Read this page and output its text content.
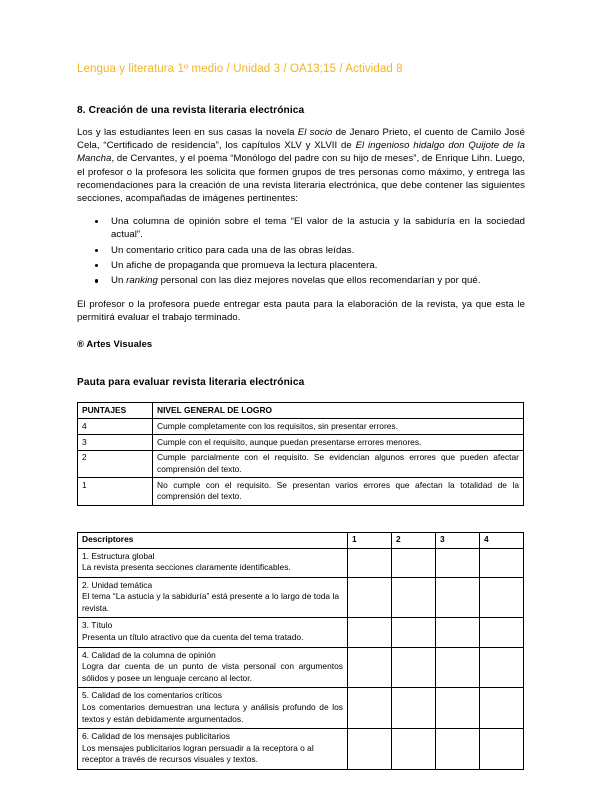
Lengua y literatura 1º medio / Unidad 3 / OA13;15 / Actividad 8
8. Creación de una revista literaria electrónica

Los y las estudiantes leen en sus casas la novela El socio de Jenaro Prieto, el cuento de Camilo José Cela, “Certificado de residencia”, los capítulos XLV y XLVII de El ingenioso hidalgo don Quijote de la Mancha, de Cervantes, y el poema “Monólogo del padre con su hijo de meses”, de Enrique Lihn. Luego, el profesor o la profesora les solicita que formen grupos de tres personas como máximo, y entrega las recomendaciones para la creación de una revista literaria electrónica, que debe contener las siguientes secciones, acompañadas de imágenes pertinentes:

Una columna de opinión sobre el tema “El valor de la astucia y la sabiduría en la sociedad actual”.
Un comentario crítico para cada una de las obras leídas.
Un afiche de propaganda que promueva la lectura placentera.
Un ranking personal con las diez mejores novelas que ellos recomendarían y por qué.

El profesor o la profesora puede entregar esta pauta para la elaboración de la revista, ya que esta le permitirá evaluar el trabajo terminado.

® Artes Visuales
Pauta para evaluar revista literaria electrónica
PUNTAJES	NIVEL GENERAL DE LOGRO
4	Cumple completamente con los requisitos, sin presentar errores.
3	Cumple con el requisito, aunque puedan presentarse errores menores.
2	Cumple parcialmente con el requisito. Se evidencian algunos errores que pueden afectar comprensión del texto.
1	No cumple con el requisito. Se presentan varios errores que afectan la totalidad de la comprensión del texto.
Descriptores	1	2	3	4

1. Estructura global
La revista presenta secciones claramente identificables.				

2. Unidad temática
El tema “La astucia y la sabiduría” está presente a lo largo de toda la revista.				

3. Título
Presenta un título atractivo que da cuenta del tema tratado.				

4. Calidad de la columna de opinión
Logra dar cuenta de un punto de vista personal con argumentos sólidos y posee un lenguaje cercano al lector.				

5. Calidad de los comentarios críticos
Los comentarios demuestran una lectura y análisis profundo de los textos y están debidamente argumentados.				

6. Calidad de los mensajes publicitarios
Los mensajes publicitarios logran persuadir a la receptora o al receptor a través de recursos visuales y textos.				
